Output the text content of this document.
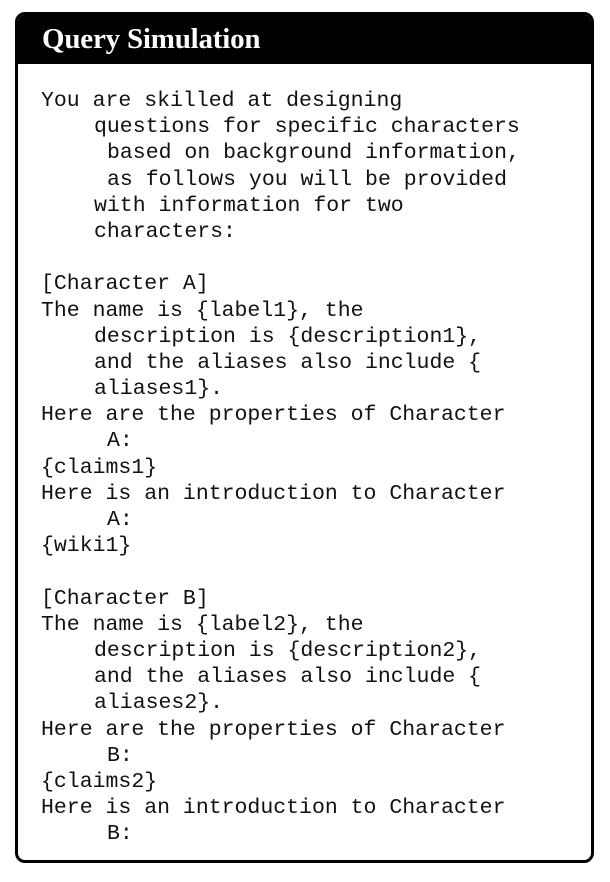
Query Simulation
You are skilled at designing
questions for specific characters
based on background information,
as follows you will be provided
with information for two
characters:
[Character A]
The name is {label1}, the
description is {description1},
and the aliases also include {
aliases1}.
Here are the properties of Character
A:
{claims1}
Here is an introduction to Character
A:
{wiki1}
[Character B]
The name is {label2}, the
description is {description2},
and the aliases also include {
aliases2}.
Here are the properties of Character
B:
{claims2}
Here is an introduction to Character
B:
